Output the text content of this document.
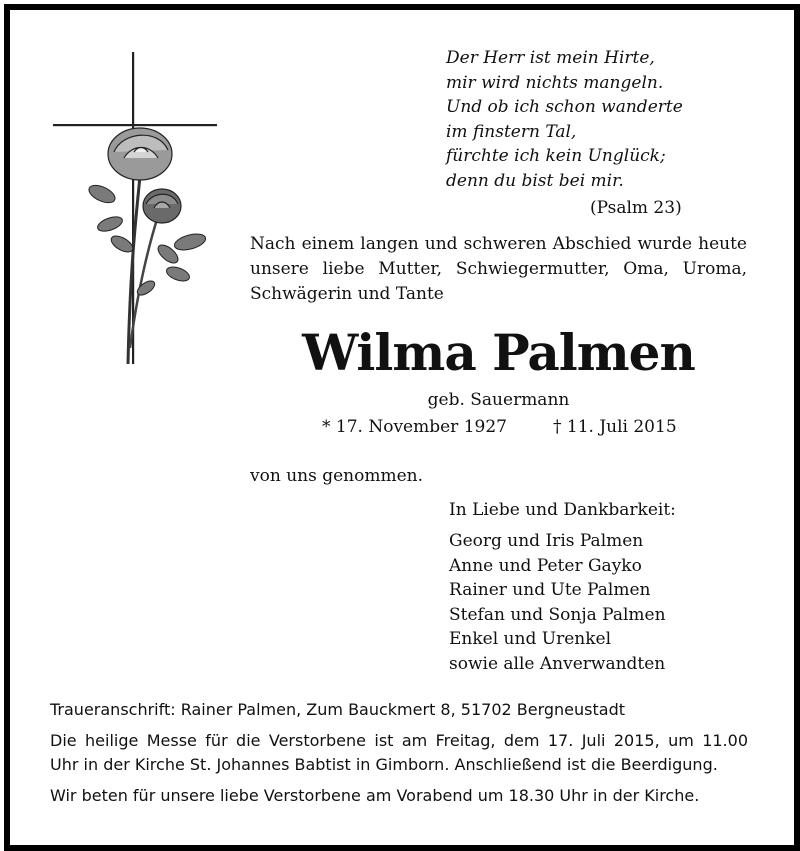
Der Herr ist mein Hirte,
mir wird nichts mangeln.
Und ob ich schon wanderte
im finstern Tal,
fürchte ich kein Unglück;
denn du bist bei mir.
(Psalm 23)
Nach einem langen und schweren Abschied wurde heute
unsere liebe Mutter, Schwiegermutter, Oma, Uroma,
Schwägerin und Tante
Wilma Palmen
geb. Sauermann
* 17. November 1927	† 11. Juli 2015
von uns genommen.
In Liebe und Dankbarkeit:
Georg und Iris Palmen
Anne und Peter Gayko
Rainer und Ute Palmen
Stefan und Sonja Palmen
Enkel und Urenkel
sowie alle Anverwandten

Traueranschrift: Rainer Palmen, Zum Bauckmert 8, 51702 Bergneustadt

Die heilige Messe für die Verstorbene ist am Freitag, dem 17. Juli 2015, um 11.00
Uhr in der Kirche St. Johannes Babtist in Gimborn. Anschließend ist die Beerdigung.

Wir beten für unsere liebe Verstorbene am Vorabend um 18.30 Uhr in der Kirche.
